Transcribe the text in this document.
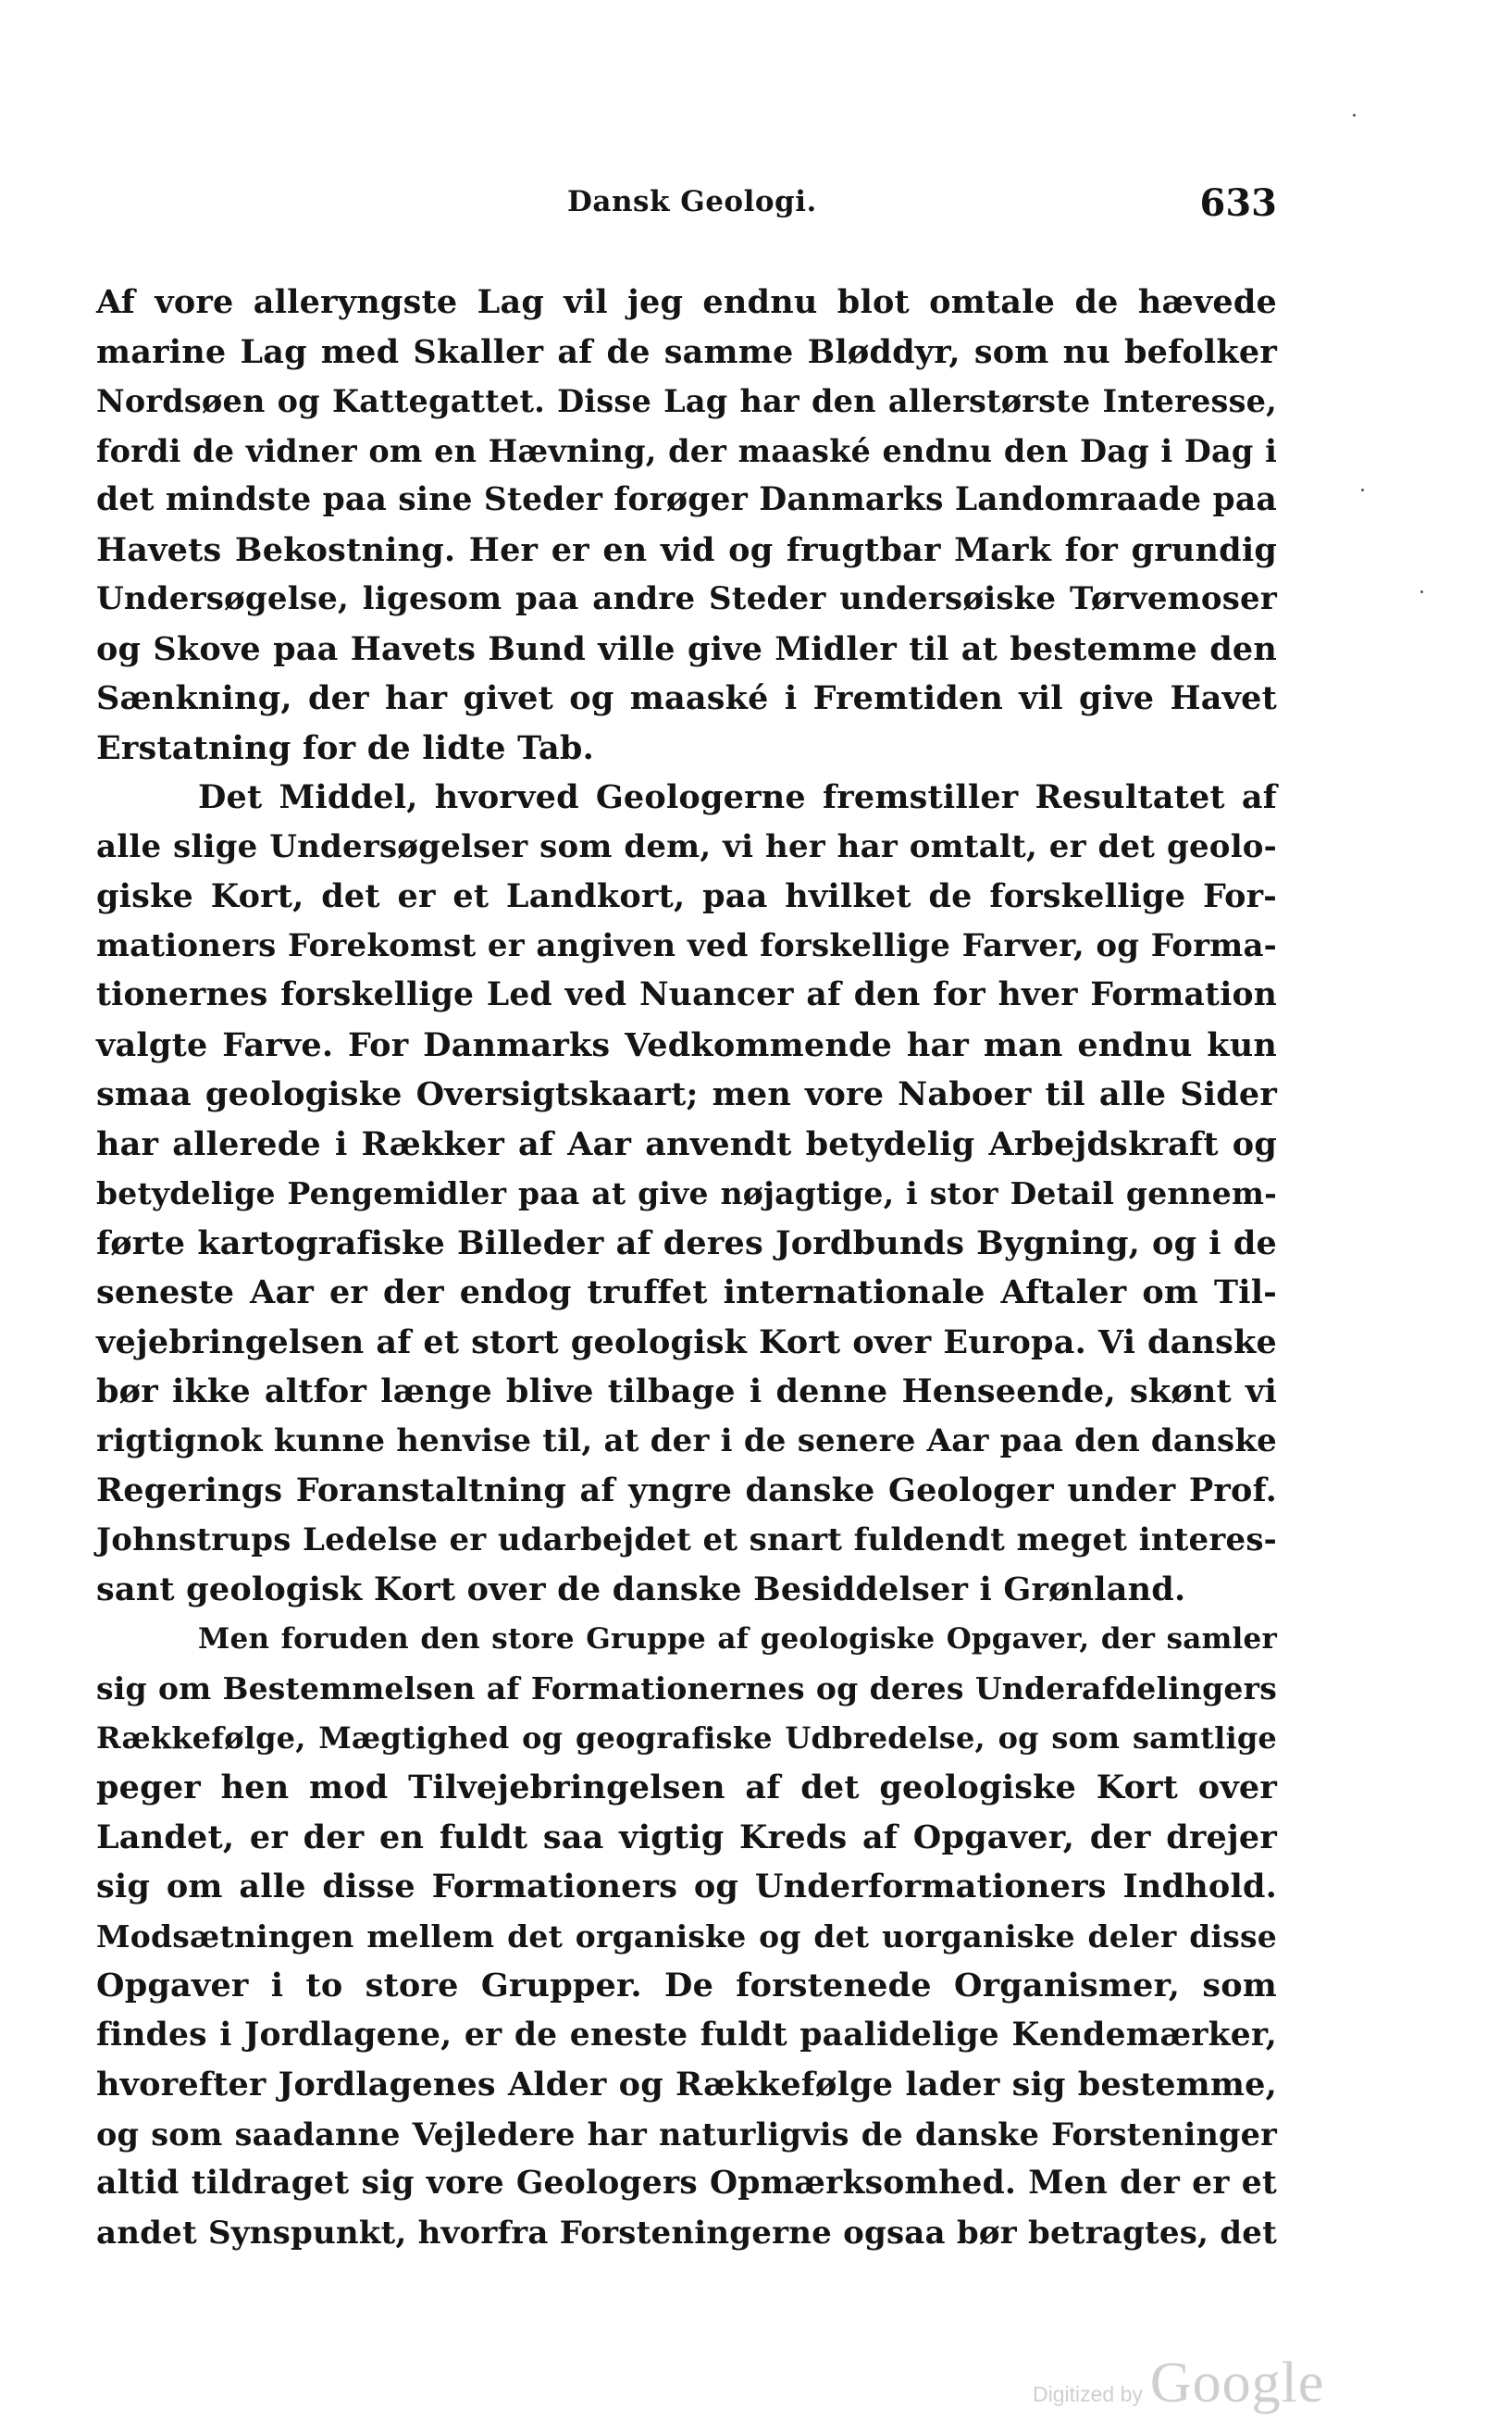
Dansk Geologi.	633
Af vore alleryngste Lag vil jeg endnu blot omtale de hævede
marine Lag med Skaller af de samme Bløddyr, som nu befolker
Nordsøen og Kattegattet. Disse Lag har den allerstørste Interesse,
fordi de vidner om en Hævning, der maaské endnu den Dag i Dag i
det mindste paa sine Steder forøger Danmarks Landomraade paa
Havets Bekostning. Her er en vid og frugtbar Mark for grundig
Undersøgelse, ligesom paa andre Steder undersøiske Tørvemoser
og Skove paa Havets Bund ville give Midler til at bestemme den
Sænkning, der har givet og maaské i Fremtiden vil give Havet
Erstatning for de lidte Tab.
Det Middel, hvorved Geologerne fremstiller Resultatet af
alle slige Undersøgelser som dem, vi her har omtalt, er det geolo-
giske Kort, det er et Landkort, paa hvilket de forskellige For-
mationers Forekomst er angiven ved forskellige Farver, og Forma-
tionernes forskellige Led ved Nuancer af den for hver Formation
valgte Farve. For Danmarks Vedkommende har man endnu kun
smaa geologiske Oversigtskaart; men vore Naboer til alle Sider
har allerede i Rækker af Aar anvendt betydelig Arbejdskraft og
betydelige Pengemidler paa at give nøjagtige, i stor Detail gennem-
førte kartografiske Billeder af deres Jordbunds Bygning, og i de
seneste Aar er der endog truffet internationale Aftaler om Til-
vejebringelsen af et stort geologisk Kort over Europa. Vi danske
bør ikke altfor længe blive tilbage i denne Henseende, skønt vi
rigtignok kunne henvise til, at der i de senere Aar paa den danske
Regerings Foranstaltning af yngre danske Geologer under Prof.
Johnstrups Ledelse er udarbejdet et snart fuldendt meget interes-
sant geologisk Kort over de danske Besiddelser i Grønland.
Men foruden den store Gruppe af geologiske Opgaver, der samler
sig om Bestemmelsen af Formationernes og deres Underafdelingers
Rækkefølge, Mægtighed og geografiske Udbredelse, og som samtlige
peger hen mod Tilvejebringelsen af det geologiske Kort over
Landet, er der en fuldt saa vigtig Kreds af Opgaver, der drejer
sig om alle disse Formationers og Underformationers Indhold.
Modsætningen mellem det organiske og det uorganiske deler disse
Opgaver i to store Grupper. De forstenede Organismer, som
findes i Jordlagene, er de eneste fuldt paalidelige Kendemærker,
hvorefter Jordlagenes Alder og Rækkefølge lader sig bestemme,
og som saadanne Vejledere har naturligvis de danske Forsteninger
altid tildraget sig vore Geologers Opmærksomhed. Men der er et
andet Synspunkt, hvorfra Forsteningerne ogsaa bør betragtes, det
Digitized by Google
